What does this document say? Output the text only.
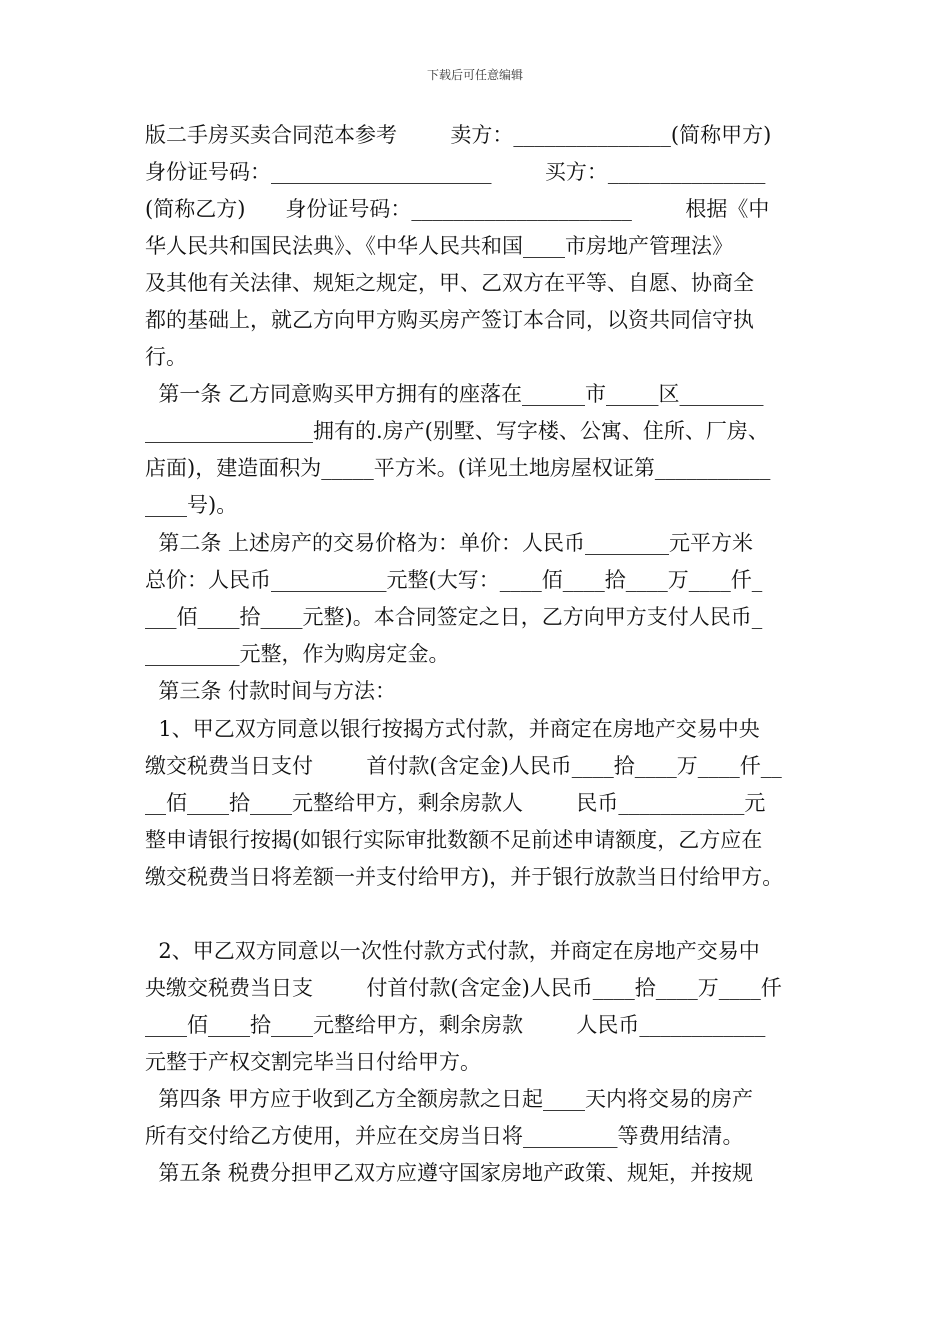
下载后可任意编辑
版二手房买卖合同范本参考        卖方：_______________(简称甲方)
身份证号码：_____________________        买方：_______________
(简称乙方)      身份证号码：_____________________        根据《中
华人民共和国民法典》、《中华人民共和国____市房地产管理法》
及其他有关法律、规矩之规定，甲、乙双方在平等、自愿、协商全
都的基础上，就乙方向甲方购买房产签订本合同，以资共同信守执
行。
第一条 乙方同意购买甲方拥有的座落在______市_____区________
________________拥有的.房产(别墅、写字楼、公寓、住所、厂房、
店面)，建造面积为_____平方米。(详见土地房屋权证第___________
____号)。
第二条 上述房产的交易价格为：单价：人民币________元平方米
总价：人民币___________元整(大写：____佰____拾____万____仟_
___佰____拾____元整)。本合同签定之日，乙方向甲方支付人民币_
_________元整，作为购房定金。
第三条 付款时间与方法：
1、甲乙双方同意以银行按揭方式付款，并商定在房地产交易中央
缴交税费当日支付        首付款(含定金)人民币____拾____万____仟__
__佰____拾____元整给甲方，剩余房款人        民币____________元
整申请银行按揭(如银行实际审批数额不足前述申请额度，乙方应在
缴交税费当日将差额一并支付给甲方)，并于银行放款当日付给甲方。
2、甲乙双方同意以一次性付款方式付款，并商定在房地产交易中
央缴交税费当日支        付首付款(含定金)人民币____拾____万____仟
____佰____拾____元整给甲方，剩余房款        人民币____________
元整于产权交割完毕当日付给甲方。
第四条 甲方应于收到乙方全额房款之日起____天内将交易的房产
所有交付给乙方使用，并应在交房当日将_________等费用结清。
第五条 税费分担甲乙双方应遵守国家房地产政策、规矩，并按规
